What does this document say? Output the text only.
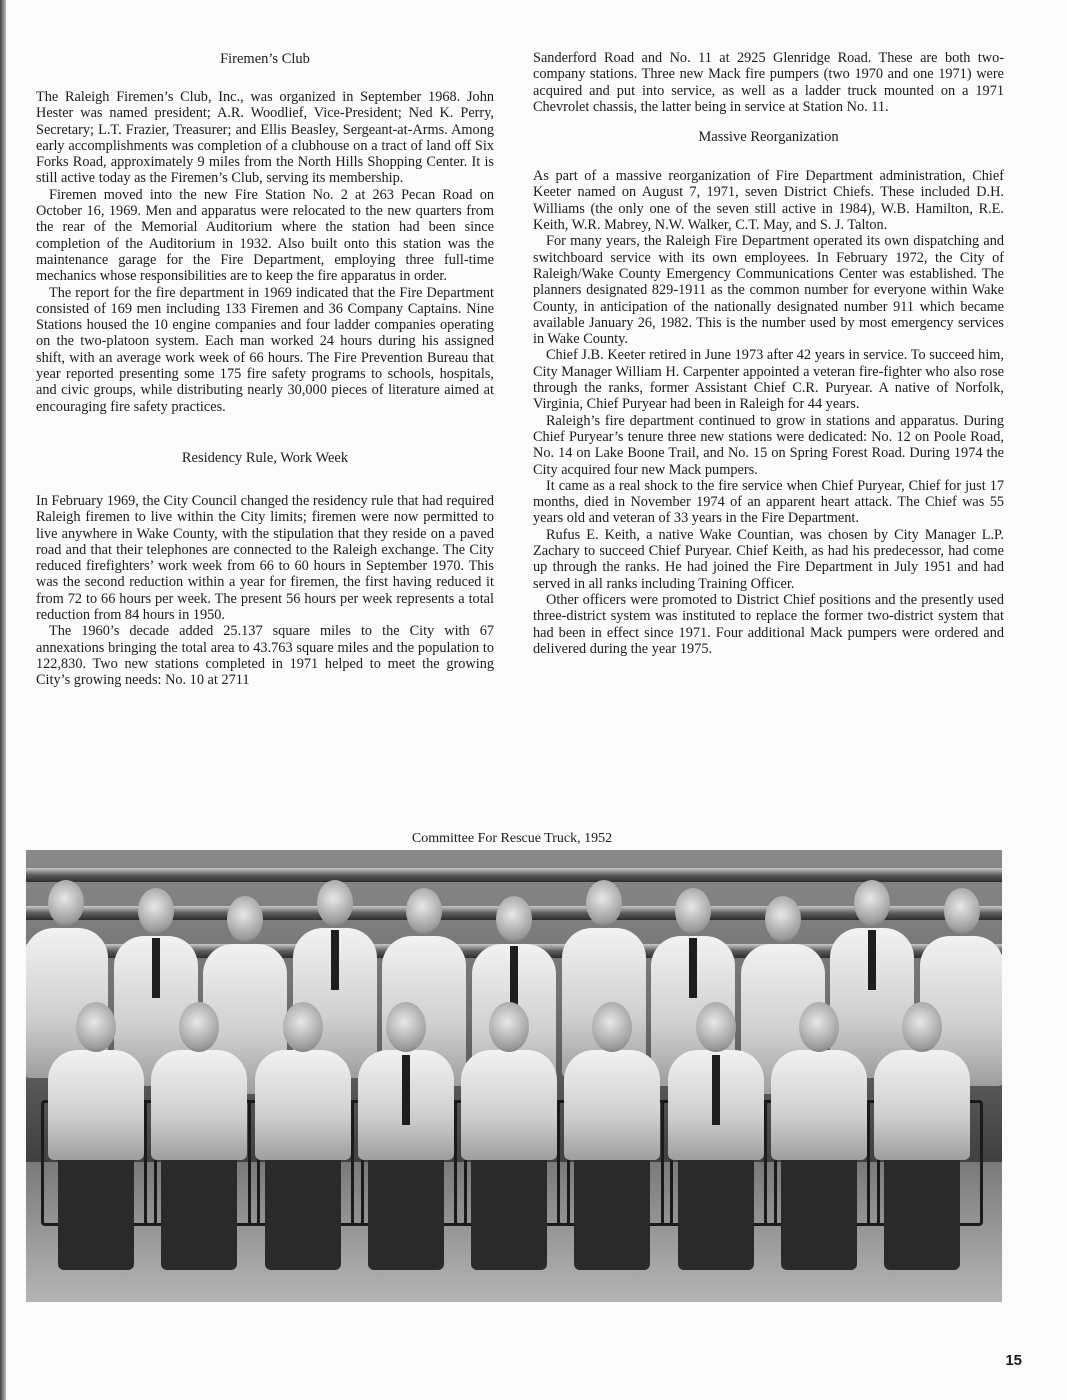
Firemen’s Club

The Raleigh Firemen’s Club, Inc., was organized in September 1968. John Hester was named president; A.R. Woodlief, Vice-President; Ned K. Perry, Secretary; L.T. Frazier, Treasurer; and Ellis Beasley, Sergeant-at-Arms. Among early accomplishments was completion of a clubhouse on a tract of land off Six Forks Road, approximately 9 miles from the North Hills Shopping Center. It is still active today as the Firemen’s Club, serving its membership.

Firemen moved into the new Fire Station No. 2 at 263 Pecan Road on October 16, 1969. Men and apparatus were relocated to the new quarters from the rear of the Memorial Auditorium where the station had been since completion of the Auditorium in 1932. Also built onto this station was the maintenance garage for the Fire Department, employing three full-time mechanics whose responsibilities are to keep the fire apparatus in order.

The report for the fire department in 1969 indicated that the Fire Department consisted of 169 men including 133 Firemen and 36 Company Captains. Nine Stations housed the 10 engine companies and four ladder companies operating on the two-platoon system. Each man worked 24 hours during his assigned shift, with an average work week of 66 hours. The Fire Prevention Bureau that year reported presenting some 175 fire safety programs to schools, hospitals, and civic groups, while distributing nearly 30,000 pieces of literature aimed at encouraging fire safety practices.

Residency Rule, Work Week

In February 1969, the City Council changed the residency rule that had required Raleigh firemen to live within the City limits; firemen were now permitted to live anywhere in Wake County, with the stipulation that they reside on a paved road and that their telephones are connected to the Raleigh exchange. The City reduced firefighters’ work week from 66 to 60 hours in September 1970. This was the second reduction within a year for firemen, the first having reduced it from 72 to 66 hours per week. The present 56 hours per week represents a total reduction from 84 hours in 1950.

The 1960’s decade added 25.137 square miles to the City with 67 annexations bringing the total area to 43.763 square miles and the population to 122,830. Two new stations completed in 1971 helped to meet the growing City’s growing needs: No. 10 at 2711

Sanderford Road and No. 11 at 2925 Glenridge Road. These are both two-company stations. Three new Mack fire pumpers (two 1970 and one 1971) were acquired and put into service, as well as a ladder truck mounted on a 1971 Chevrolet chassis, the latter being in service at Station No. 11.

Massive Reorganization

As part of a massive reorganization of Fire Department administration, Chief Keeter named on August 7, 1971, seven District Chiefs. These included D.H. Williams (the only one of the seven still active in 1984), W.B. Hamilton, R.E. Keith, W.R. Mabrey, N.W. Walker, C.T. May, and S. J. Talton.

For many years, the Raleigh Fire Department operated its own dispatching and switchboard service with its own employees. In February 1972, the City of Raleigh/Wake County Emergency Communications Center was established. The planners designated 829-1911 as the common number for everyone within Wake County, in anticipation of the nationally designated number 911 which became available January 26, 1982. This is the number used by most emergency services in Wake County.

Chief J.B. Keeter retired in June 1973 after 42 years in service. To succeed him, City Manager William H. Carpenter appointed a veteran fire-fighter who also rose through the ranks, former Assistant Chief C.R. Puryear. A native of Norfolk, Virginia, Chief Puryear had been in Raleigh for 44 years.

Raleigh’s fire department continued to grow in stations and apparatus. During Chief Puryear’s tenure three new stations were dedicated: No. 12 on Poole Road, No. 14 on Lake Boone Trail, and No. 15 on Spring Forest Road. During 1974 the City acquired four new Mack pumpers.

It came as a real shock to the fire service when Chief Puryear, Chief for just 17 months, died in November 1974 of an apparent heart attack. The Chief was 55 years old and veteran of 33 years in the Fire Department.

Rufus E. Keith, a native Wake Countian, was chosen by City Manager L.P. Zachary to succeed Chief Puryear. Chief Keith, as had his predecessor, had come up through the ranks. He had joined the Fire Department in July 1951 and had served in all ranks including Training Officer.

Other officers were promoted to District Chief positions and the presently used three-district system was instituted to replace the former two-district system that had been in effect since 1971. Four additional Mack pumpers were ordered and delivered during the year 1975.

Committee For Rescue Truck, 1952
15
